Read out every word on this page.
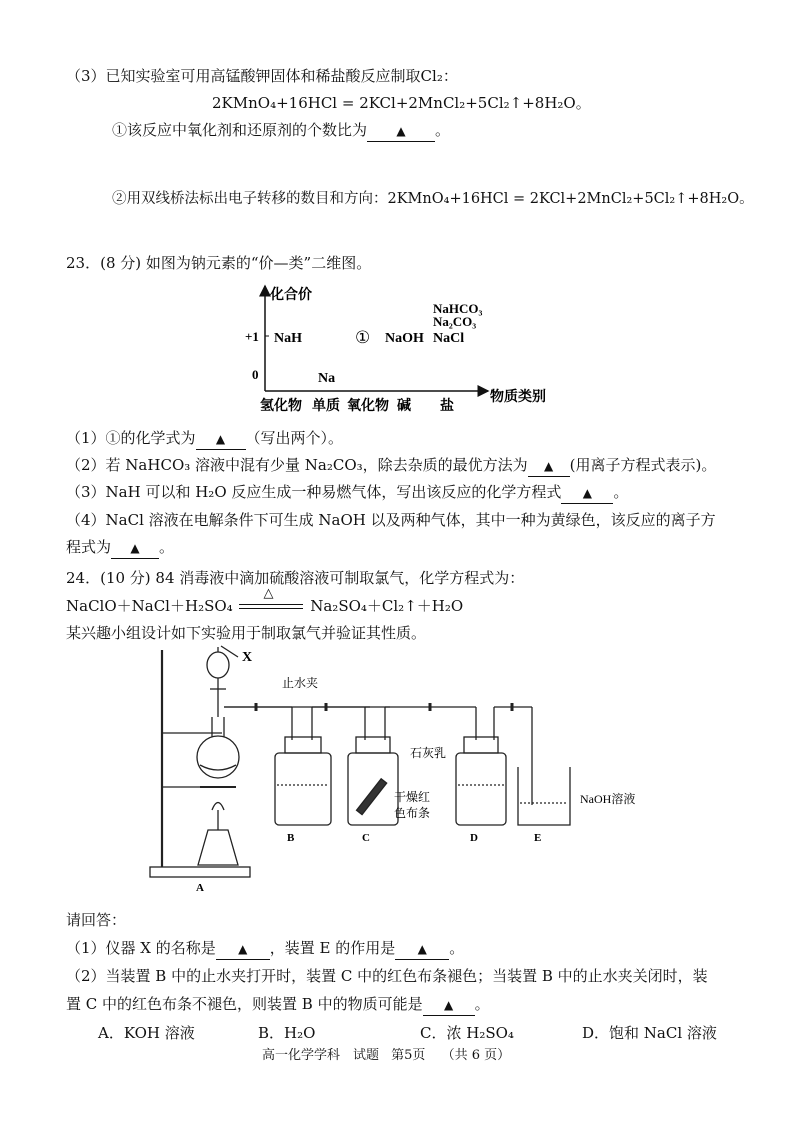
（3）已知实验室可用高锰酸钾固体和稀盐酸反应制取Cl₂：
2KMnO₄+16HCl = 2KCl+2MnCl₂+5Cl₂↑+8H₂O。
①该反应中氧化剂和还原剂的个数比为 ▲ 。
②用双线桥法标出电子转移的数目和方向：2KMnO₄+16HCl = 2KCl+2MnCl₂+5Cl₂↑+8H₂O。
23．(8 分) 如图为钠元素的“价—类”二维图。
化合价
物质类别
+1
0
氢化物 单质 氧化物 碱 盐
NaH
Na
① NaOH
NaHCO₃
Na₂CO₃
NaCl
（1）①的化学式为 ▲ （写出两个）。
（2）若 NaHCO₃ 溶液中混有少量 Na₂CO₃，除去杂质的最优方法为 ▲ (用离子方程式表示)。
（3）NaH 可以和 H₂O 反应生成一种易燃气体，写出该反应的化学方程式 ▲ 。
（4）NaCl 溶液在电解条件下可生成 NaOH 以及两种气体，其中一种为黄绿色，该反应的离子方
程式为 ▲ 。
24．(10 分) 84 消毒液中滴加硫酸溶液可制取氯气，化学方程式为：
NaClO＋NaCl＋H₂SO₄
△
Na₂SO₄＋Cl₂↑＋H₂O
某兴趣小组设计如下实验用于制取氯气并验证其性质。
X
止水夹
石灰乳
干燥红
色布条
NaOH溶液
A
B	C	D	E
请回答：
（1）仪器 X 的名称是 ▲ ，装置 E 的作用是 ▲ 。
（2）当装置 B 中的止水夹打开时，装置 C 中的红色布条褪色；当装置 B 中的止水夹关闭时，装
置 C 中的红色布条不褪色，则装置 B 中的物质可能是 ▲ 。
A．KOH 溶液	B．H₂O	C．浓 H₂SO₄	D．饱和 NaCl 溶液
高一化学学科　试题 第5页 （共 6 页）
